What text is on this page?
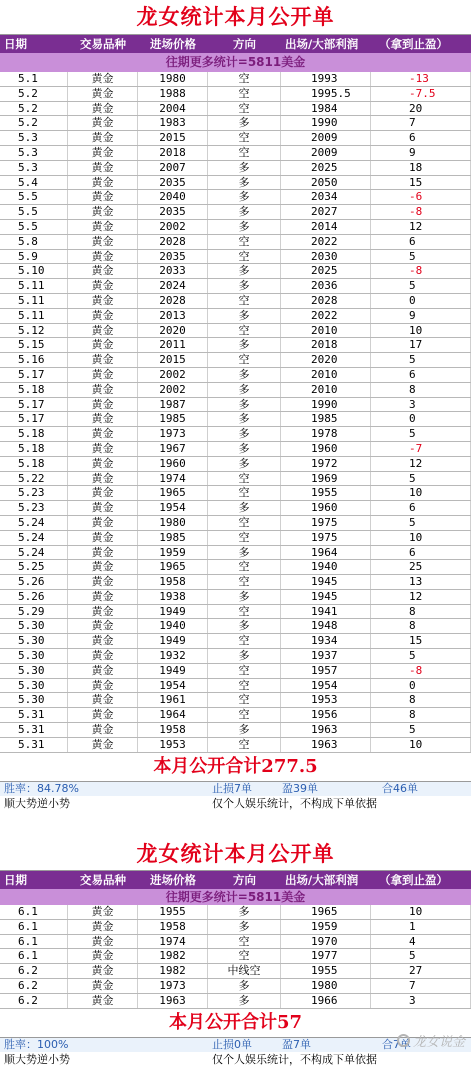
龙女统计本月公开单
日期	交易品种	进场价格	方向	出场/大部利润	（拿到止盈）
往期更多统计=5811美金
5.1	黄金	1980	空	1993	-13
5.2	黄金	1988	空	1995.5	-7.5
5.2	黄金	2004	空	1984	20
5.2	黄金	1983	多	1990	7
5.3	黄金	2015	空	2009	6
5.3	黄金	2018	空	2009	9
5.3	黄金	2007	多	2025	18
5.4	黄金	2035	多	2050	15
5.5	黄金	2040	多	2034	-6
5.5	黄金	2035	多	2027	-8
5.5	黄金	2002	多	2014	12
5.8	黄金	2028	空	2022	6
5.9	黄金	2035	空	2030	5
5.10	黄金	2033	多	2025	-8
5.11	黄金	2024	多	2036	5
5.11	黄金	2028	空	2028	0
5.11	黄金	2013	多	2022	9
5.12	黄金	2020	空	2010	10
5.15	黄金	2011	多	2018	17
5.16	黄金	2015	空	2020	5
5.17	黄金	2002	多	2010	6
5.18	黄金	2002	多	2010	8
5.17	黄金	1987	多	1990	3
5.17	黄金	1985	多	1985	0
5.18	黄金	1973	多	1978	5
5.18	黄金	1967	多	1960	-7
5.18	黄金	1960	多	1972	12
5.22	黄金	1974	空	1969	5
5.23	黄金	1965	空	1955	10
5.23	黄金	1954	多	1960	6
5.24	黄金	1980	空	1975	5
5.24	黄金	1985	空	1975	10
5.24	黄金	1959	多	1964	6
5.25	黄金	1965	空	1940	25
5.26	黄金	1958	空	1945	13
5.26	黄金	1938	多	1945	12
5.29	黄金	1949	空	1941	8
5.30	黄金	1940	多	1948	8
5.30	黄金	1949	空	1934	15
5.30	黄金	1932	多	1937	5
5.30	黄金	1949	空	1957	-8
5.30	黄金	1954	空	1954	0
5.30	黄金	1961	空	1953	8
5.31	黄金	1964	空	1956	8
5.31	黄金	1958	多	1963	5
5.31	黄金	1953	空	1963	10
本月公开合计277.5
胜率：84.78%	止损7单	盈39单	合46单
顺大势逆小势	仅个人娱乐统计，不构成下单依据
龙女统计本月公开单
日期	交易品种	进场价格	方向	出场/大部利润	（拿到止盈）
往期更多统计=5811美金
6.1	黄金	1955	多	1965	10
6.1	黄金	1958	多	1959	1
6.1	黄金	1974	空	1970	4
6.1	黄金	1982	空	1977	5
6.2	黄金	1982	中线空	1955	27
6.2	黄金	1973	多	1980	7
6.2	黄金	1963	多	1966	3
本月公开合计57
胜率：100%	止损0单	盈7单	合7单
顺大势逆小势	仅个人娱乐统计，不构成下单依据
龙女说金
